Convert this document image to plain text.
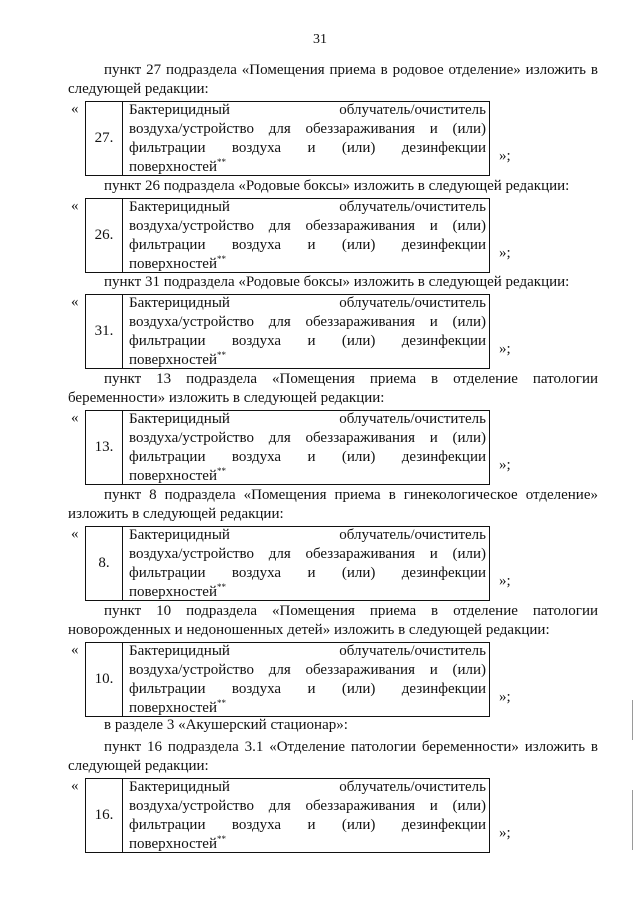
31
пункт 27 подраздела «Помещения приема в родовое отделение» изложить в следующей редакции:
«
27.
Бактерицидный	облучатель/очиститель
воздуха/устройство для обеззараживания и (или)
фильтрации воздуха и (или) дезинфекции
поверхностей**	»;
пункт 26 подраздела «Родовые боксы» изложить в следующей редакции:
«
26.
Бактерицидный	облучатель/очиститель
воздуха/устройство для обеззараживания и (или)
фильтрации воздуха и (или) дезинфекции
поверхностей**	»;
пункт 31 подраздела «Родовые боксы» изложить в следующей редакции:
«
31.
Бактерицидный	облучатель/очиститель
воздуха/устройство для обеззараживания и (или)
фильтрации воздуха и (или) дезинфекции
поверхностей**	»;
пункт 13 подраздела «Помещения приема в отделение патологии беременности» изложить в следующей редакции:
«
13.
Бактерицидный	облучатель/очиститель
воздуха/устройство для обеззараживания и (или)
фильтрации воздуха и (или) дезинфекции
поверхностей**	»;
пункт 8 подраздела «Помещения приема в гинекологическое отделение» изложить в следующей редакции:
«
8.
Бактерицидный	облучатель/очиститель
воздуха/устройство для обеззараживания и (или)
фильтрации воздуха и (или) дезинфекции
поверхностей**	»;
пункт 10 подраздела «Помещения приема в отделение патологии новорожденных и недоношенных детей» изложить в следующей редакции:
«
10.
Бактерицидный	облучатель/очиститель
воздуха/устройство для обеззараживания и (или)
фильтрации воздуха и (или) дезинфекции
поверхностей**	»;
в разделе 3 «Акушерский стационар»:
пункт 16 подраздела 3.1 «Отделение патологии беременности» изложить в следующей редакции:
«
16.
Бактерицидный	облучатель/очиститель
воздуха/устройство для обеззараживания и (или)
фильтрации воздуха и (или) дезинфекции
поверхностей**	»;
